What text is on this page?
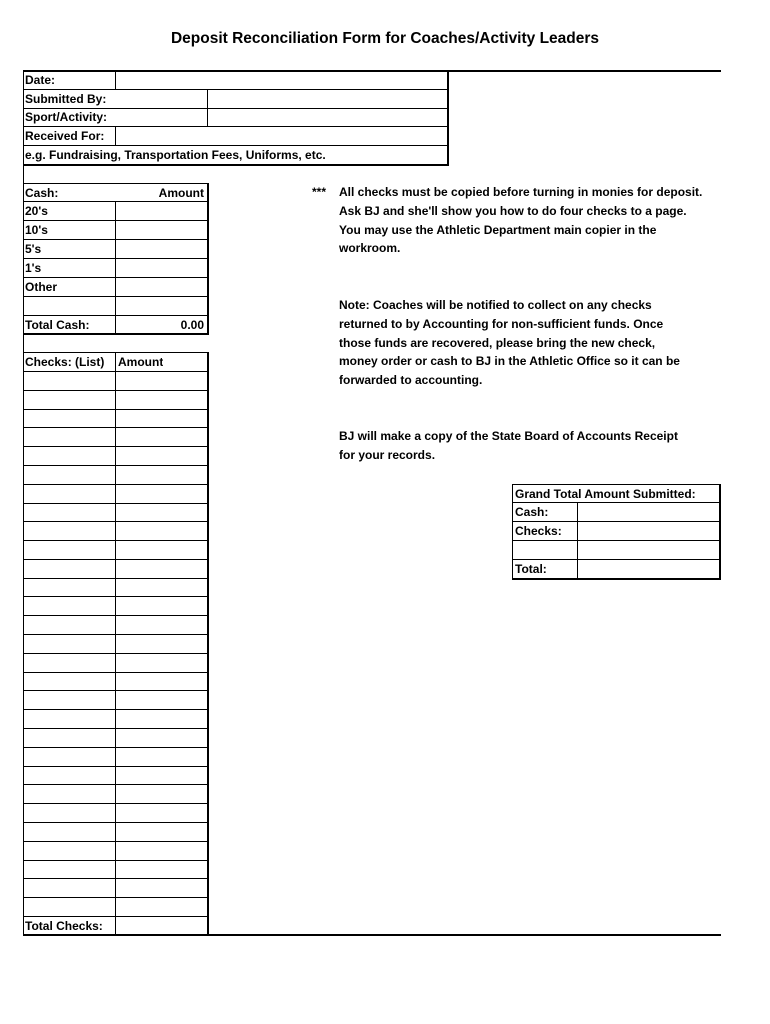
Deposit Reconciliation Form for Coaches/Activity Leaders
Date:
Submitted By:
Sport/Activity:
Received For:
e.g. Fundraising, Transportation Fees, Uniforms, etc.
Cash:	Amount
20's
10's
5's
1's
Other
Total Cash:	0.00
Checks: (List) Amount
Total Checks:
*** All checks must be copied before turning in monies for deposit.

Ask BJ and she'll show you how to do four checks to a page.

You may use the Athletic Department main copier in the

workroom.

Note: Coaches will be notified to collect on any checks

returned to by Accounting for non-sufficient funds. Once

those funds are recovered, please bring the new check,

money order or cash to BJ in the Athletic Office so it can be

forwarded to accounting.

BJ will make a copy of the State Board of Accounts Receipt

for your records.

Grand Total Amount Submitted:
Cash:
Checks:
Total:
